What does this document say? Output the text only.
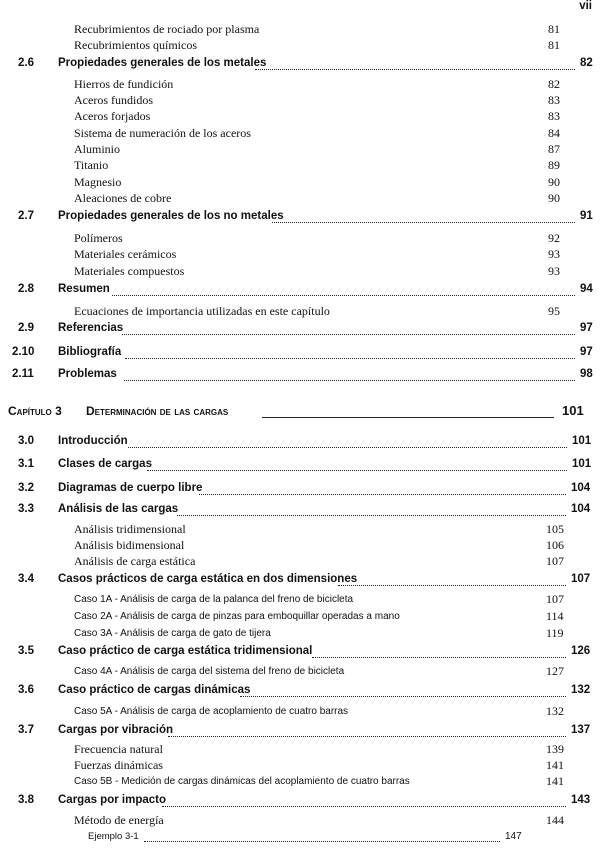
vii
Recubrimientos de rociado por plasma	81
Recubrimientos químicos	81
2.6 Propiedades generales de los metales	82
Hierros de fundición	82
Aceros fundidos	83
Aceros forjados	83
Sistema de numeración de los aceros	84
Aluminio	87
Titanio	89
Magnesio	90
Aleaciones de cobre	90
2.7 Propiedades generales de los no metales	91
Polímeros	92
Materiales cerámicos	93
Materiales compuestos	93
2.8 Resumen	94
Ecuaciones de importancia utilizadas en este capítulo	95
2.9 Referencias	97
2.10 Bibliografía	97
2.11 Problemas	98
Capítulo 3 Determinación de las cargas	101
3.0 Introducción	101
3.1 Clases de cargas	101
3.2 Diagramas de cuerpo libre	104
3.3 Análisis de las cargas	104
Análisis tridimensional	105
Análisis bidimensional	106
Análisis de carga estática	107
3.4 Casos prácticos de carga estática en dos dimensiones	107
Caso 1A - Análisis de carga de la palanca del freno de bicicleta	107
Caso 2A - Análisis de carga de pinzas para emboquillar operadas a mano	114
Caso 3A - Análisis de carga de gato de tijera	119
3.5 Caso práctico de carga estática tridimensional	126
Caso 4A - Análisis de carga del sistema del freno de bicicleta	127
3.6 Caso práctico de cargas dinámicas	132
Caso 5A - Análisis de carga de acoplamiento de cuatro barras	132
3.7 Cargas por vibración	137
Frecuencia natural	139
Fuerzas dinámicas	141
Caso 5B - Medición de cargas dinámicas del acoplamiento de cuatro barras	141
3.8 Cargas por impacto	143
Método de energía	144
Ejemplo 3-1	147
